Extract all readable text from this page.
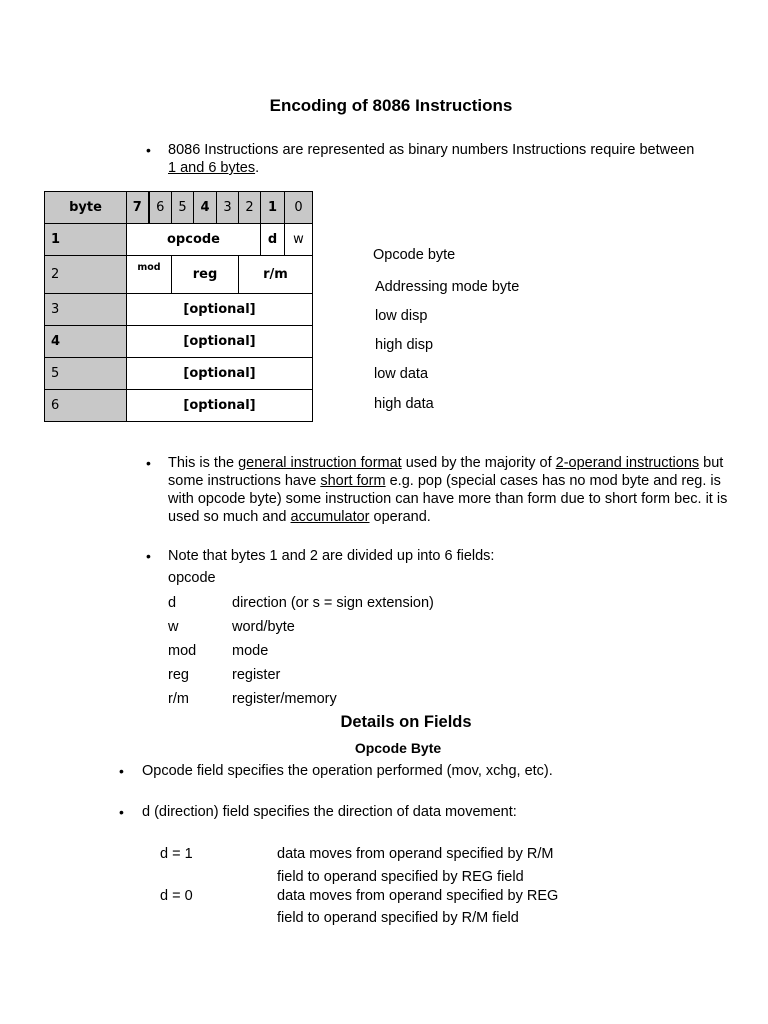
Encoding of 8086 Instructions
• 8086 Instructions are represented as binary numbers Instructions require between
1 and 6 bytes.
byte	7	6	5	4	3	2	1	0
1	opcode						d	w
2	mod		reg			r/m		
3	[optional]							
4	[optional]							
5	[optional]							
6	[optional]							
Opcode byte
Addressing mode byte
low disp
high disp
low data
high data
• This is the general instruction format used by the majority of 2-operand instructions but some instructions have short form e.g. pop (special cases has no mod byte and reg. is with opcode byte) some instruction can have more than form due to short form bec. it is used so much and accumulator operand.
• Note that bytes 1 and 2 are divided up into 6 fields:
opcode
d	direction (or s = sign extension)
w	word/byte
mod mode
reg	register
r/m	register/memory
Details on Fields
Opcode Byte
• Opcode field specifies the operation performed (mov, xchg, etc).
• d (direction) field specifies the direction of data movement:
d = 1	data moves from operand specified by R/M
field to operand specified by REG field
d = 0	data moves from operand specified by REG
field to operand specified by R/M field
